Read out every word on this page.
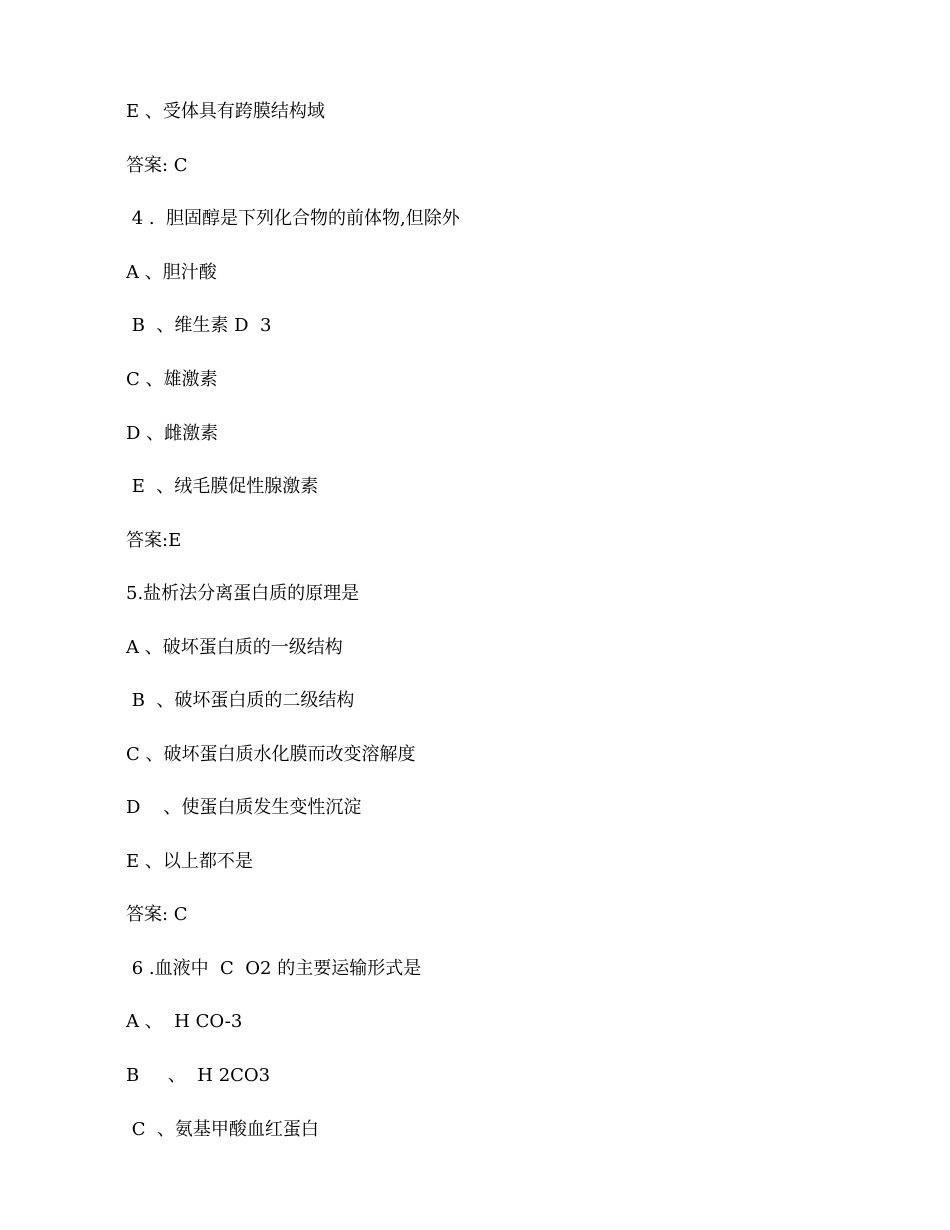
E 、受体具有跨膜结构域
答案: C
4 .  胆固醇是下列化合物的前体物,但除外
A 、胆汁酸
B  、维生素 D  3
C 、雄激素
D 、雌激素
E  、绒毛膜促性腺激素
答案:E
5.盐析法分离蛋白质的原理是
A 、破坏蛋白质的一级结构
B  、破坏蛋白质的二级结构
C 、破坏蛋白质水化膜而改变溶解度
D    、使蛋白质发生变性沉淀
E 、以上都不是
答案: C
6 .血液中  C  O2 的主要运输形式是
A 、  H CO-3
B     、  H 2CO3
C  、氨基甲酸血红蛋白
